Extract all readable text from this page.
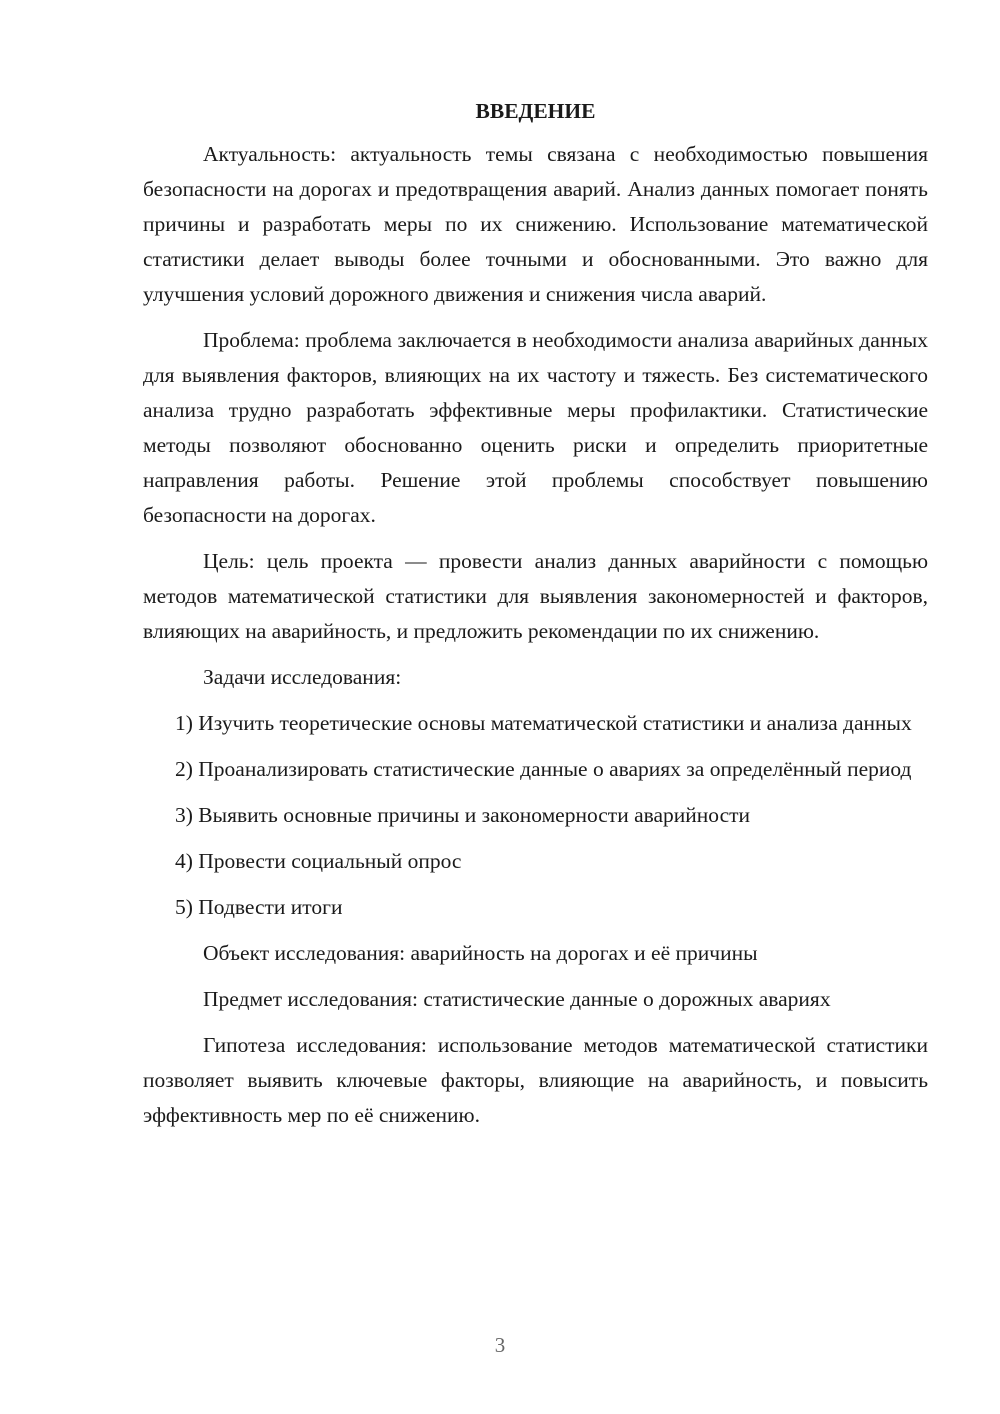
ВВЕДЕНИЕ

Актуальность: актуальность темы связана с необходимостью повышения безопасности на дорогах и предотвращения аварий. Анализ данных помогает понять причины и разработать меры по их снижению. Использование математической статистики делает выводы более точными и обоснованными. Это важно для улучшения условий дорожного движения и снижения числа аварий.

Проблема: проблема заключается в необходимости анализа аварийных данных для выявления факторов, влияющих на их частоту и тяжесть. Без систематического анализа трудно разработать эффективные меры профилактики. Статистические методы позволяют обоснованно оценить риски и определить приоритетные направления работы. Решение этой проблемы способствует повышению безопасности на дорогах.

Цель: цель проекта — провести анализ данных аварийности с помощью методов математической статистики для выявления закономерностей и факторов, влияющих на аварийность, и предложить рекомендации по их снижению.

Задачи исследования:

1) Изучить теоретические основы математической статистики и анализа данных

2) Проанализировать статистические данные о авариях за определённый период

3) Выявить основные причины и закономерности аварийности

4) Провести социальный опрос

5) Подвести итоги

Объект исследования: аварийность на дорогах и её причины

Предмет исследования: статистические данные о дорожных авариях

Гипотеза исследования: использование методов математической статистики позволяет выявить ключевые факторы, влияющие на аварийность, и повысить эффективность мер по её снижению.

3
